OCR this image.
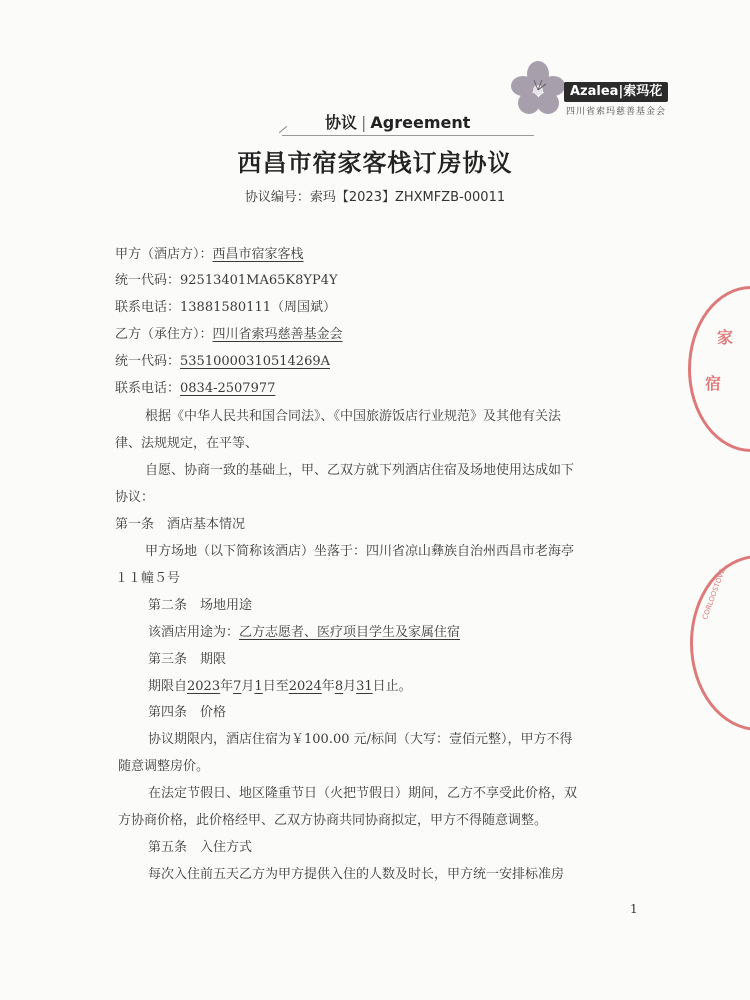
Azalea|索玛花
四川省索玛慈善基金会
协议 | Agreement
西昌市宿家客栈订房协议
协议编号：索玛【2023】ZHXMFZB-00011
甲方（酒店方）：西昌市宿家客栈
统一代码：92513401MA65K8YP4Y
联系电话：13881580111（周国斌）
乙方（承住方）：四川省索玛慈善基金会
统一代码：53510000310514269A
联系电话：0834-2507977
根据《中华人民共和国合同法》、《中国旅游饭店行业规范》及其他有关法
律、法规规定，在平等、
自愿、协商一致的基础上，甲、乙双方就下列酒店住宿及场地使用达成如下
协议：
第一条　酒店基本情况
甲方场地（以下简称该酒店）坐落于：四川省凉山彝族自治州西昌市老海亭
１１幢５号
第二条　场地用途
该酒店用途为：乙方志愿者、医疗项目学生及家属住宿
第三条　期限
期限自2023年7月1日至2024年8月31日止。
第四条　价格
协议期限内，酒店住宿为￥100.00 元/标间（大写：壹佰元整），甲方不得
随意调整房价。
在法定节假日、地区隆重节日（火把节假日）期间，乙方不享受此价格，双
方协商价格，此价格经甲、乙双方协商共同协商拟定，甲方不得随意调整。
第五条　入住方式
每次入住前五天乙方为甲方提供入住的人数及时长，甲方统一安排标准房
家
宿
CORLOOSTOVE
1
